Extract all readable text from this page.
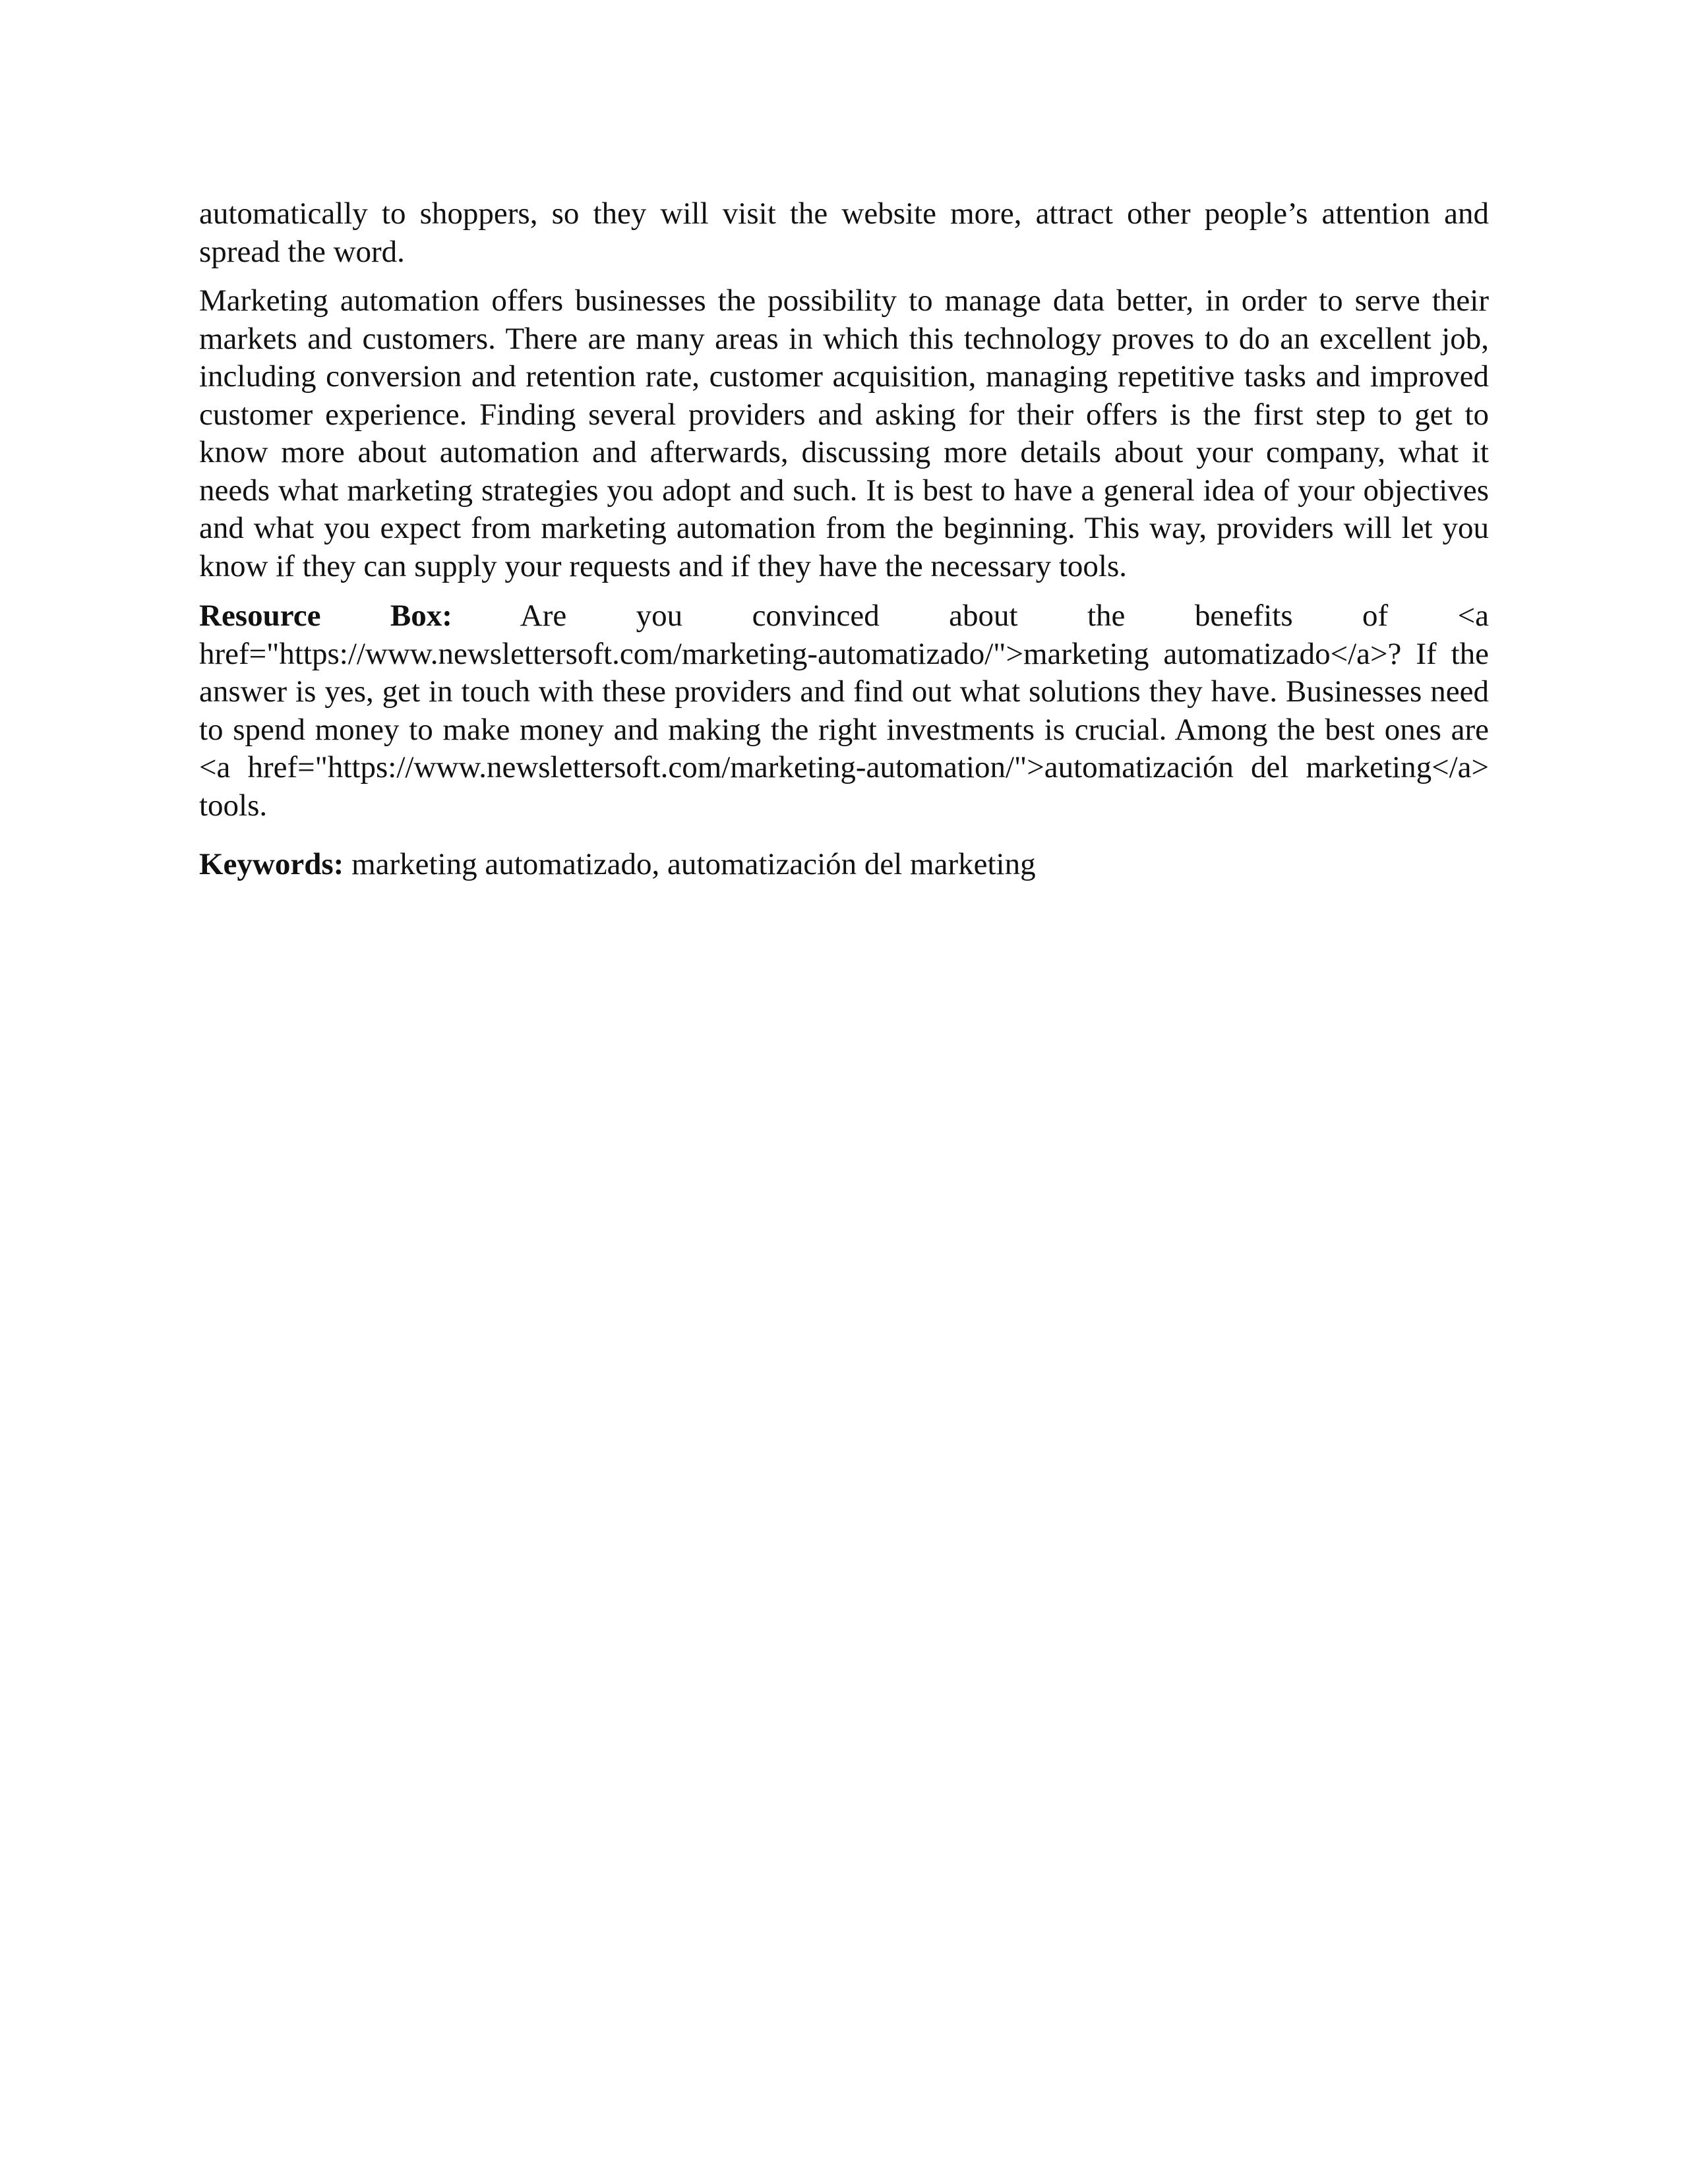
automatically to shoppers, so they will visit the website more, attract other people’s attention and spread the word.

Marketing automation offers businesses the possibility to manage data better, in order to serve their markets and customers. There are many areas in which this technology proves to do an excellent job, including conversion and retention rate, customer acquisition, managing repetitive tasks and improved customer experience. Finding several providers and asking for their offers is the first step to get to know more about automation and afterwards, discussing more details about your company, what it needs what marketing strategies you adopt and such. It is best to have a general idea of your objectives and what you expect from marketing automation from the beginning. This way, providers will let you know if they can supply your requests and if they have the necessary tools.

Resource Box: Are you convinced about the benefits of <a href="https://www.newslettersoft.com/marketing-automatizado/">marketing automatizado</a>? If the answer is yes, get in touch with these providers and find out what solutions they have. Businesses need to spend money to make money and making the right investments is crucial. Among the best ones are <a href="https://www.newslettersoft.com/marketing-automation/">automatización del marketing</a> tools.

Keywords: marketing automatizado, automatización del marketing
